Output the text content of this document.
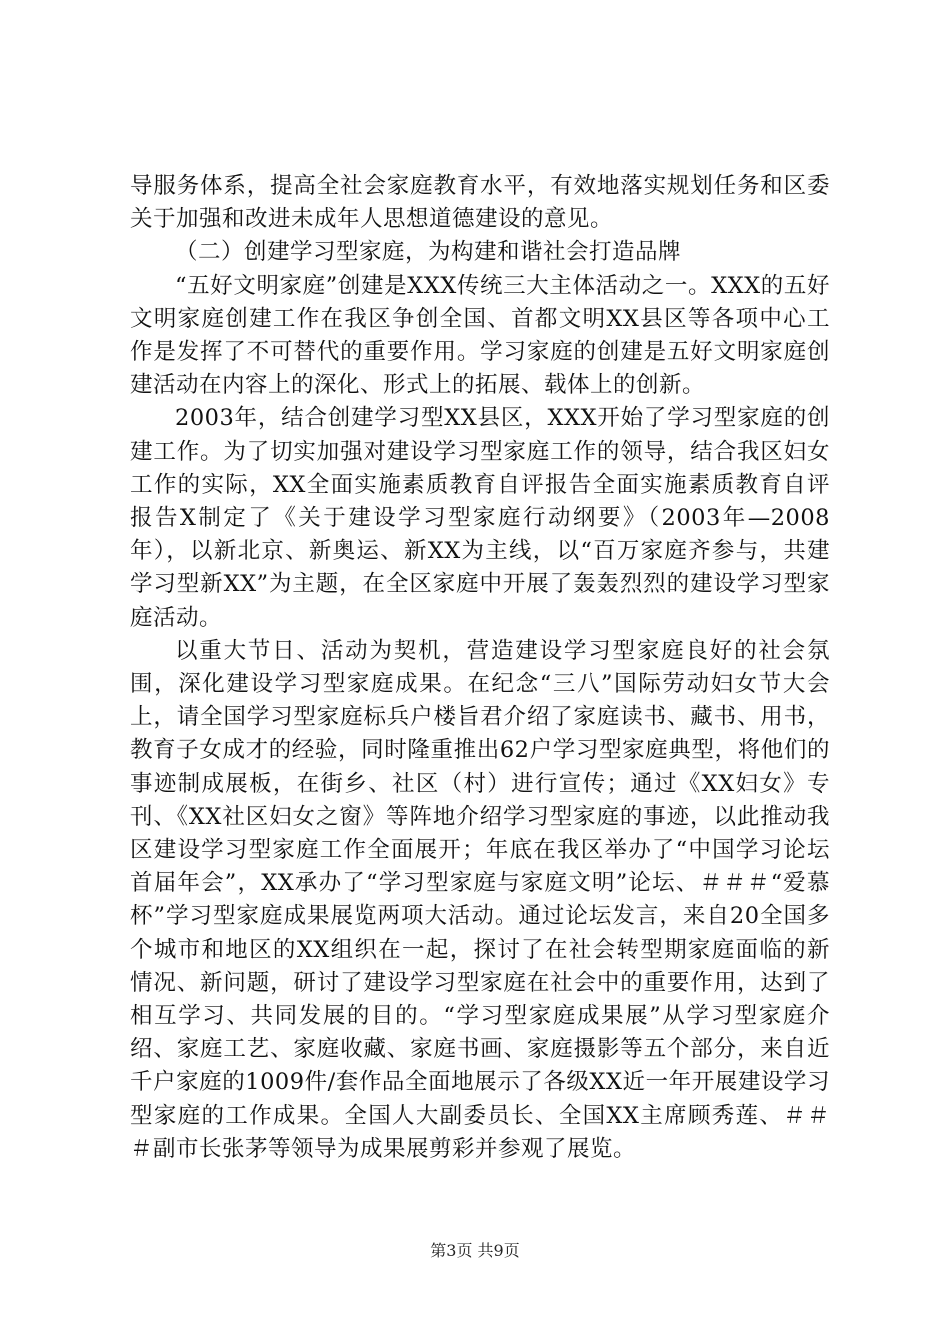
导服务体系，提高全社会家庭教育水平，有效地落实规划任务和区委关于加强和改进未成年人思想道德建设的意见。

（二）创建学习型家庭，为构建和谐社会打造品牌

“五好文明家庭”创建是XXX传统三大主体活动之一。XXX的五好文明家庭创建工作在我区争创全国、首都文明XX县区等各项中心工作是发挥了不可替代的重要作用。学习家庭的创建是五好文明家庭创建活动在内容上的深化、形式上的拓展、载体上的创新。

2003年，结合创建学习型XX县区，XXX开始了学习型家庭的创建工作。为了切实加强对建设学习型家庭工作的领导，结合我区妇女工作的实际，XX全面实施素质教育自评报告全面实施素质教育自评报告X制定了《关于建设学习型家庭行动纲要》（2003年—2008年），以新北京、新奥运、新XX为主线，以“百万家庭齐参与，共建学习型新XX”为主题，在全区家庭中开展了轰轰烈烈的建设学习型家庭活动。

以重大节日、活动为契机，营造建设学习型家庭良好的社会氛围，深化建设学习型家庭成果。在纪念“三八”国际劳动妇女节大会上，请全国学习型家庭标兵户楼旨君介绍了家庭读书、藏书、用书，教育子女成才的经验，同时隆重推出62户学习型家庭典型，将他们的事迹制成展板，在街乡、社区（村）进行宣传；通过《XX妇女》专刊、《XX社区妇女之窗》等阵地介绍学习型家庭的事迹，以此推动我区建设学习型家庭工作全面展开；年底在我区举办了“中国学习论坛首届年会”，XX承办了“学习型家庭与家庭文明”论坛、＃＃＃“爱慕杯”学习型家庭成果展览两项大活动。通过论坛发言，来自20全国多个城市和地区的XX组织在一起，探讨了在社会转型期家庭面临的新情况、新问题，研讨了建设学习型家庭在社会中的重要作用，达到了相互学习、共同发展的目的。“学习型家庭成果展”从学习型家庭介绍、家庭工艺、家庭收藏、家庭书画、家庭摄影等五个部分，来自近千户家庭的1009件/套作品全面地展示了各级XX近一年开展建设学习型家庭的工作成果。全国人大副委员长、全国XX主席顾秀莲、＃＃＃副市长张茅等领导为成果展剪彩并参观了展览。

第3页 共9页
